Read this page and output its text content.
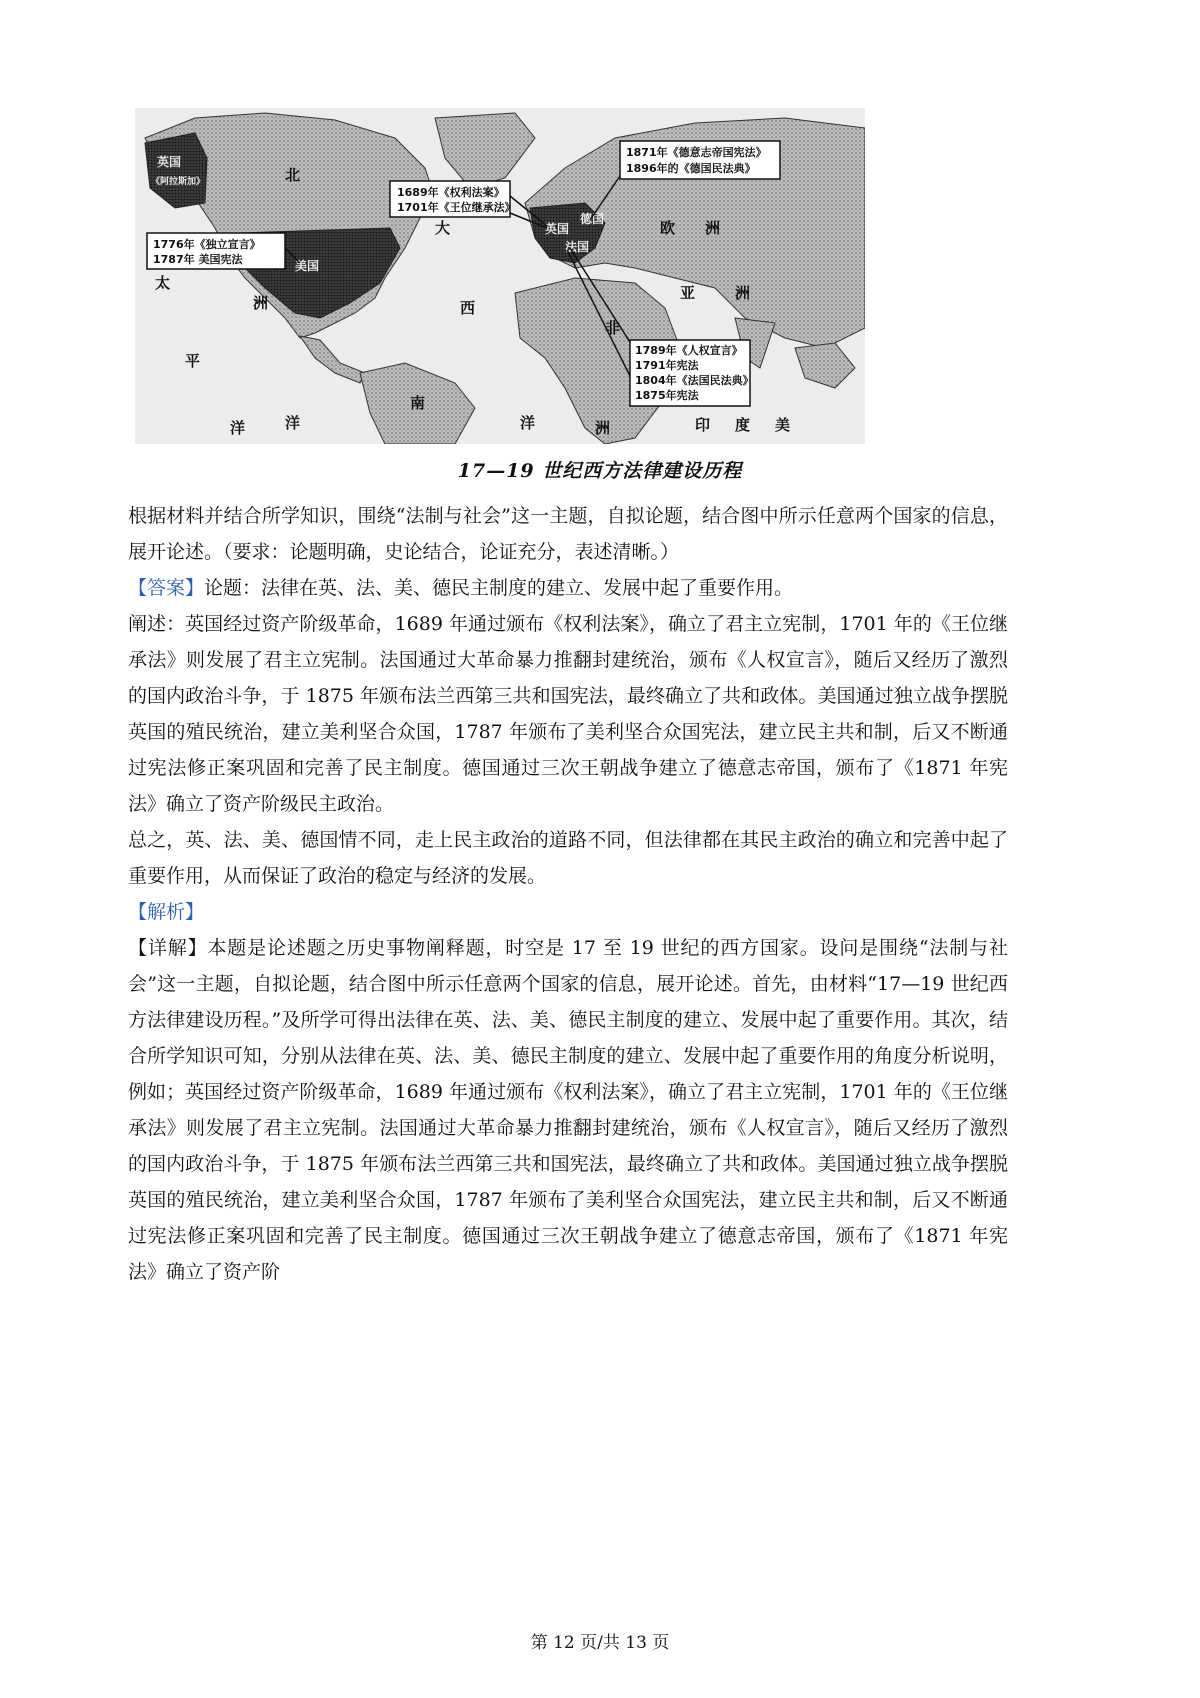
北
大
西
太
洲
平
洋
南
欧 洲
亚	洲
非
洲
洋	洋	印 度 美
英国
法国
德国
美国
英国
《阿拉斯加》
1689年《权利法案》
1701年《王位继承法》
1776年《独立宣言》
1787年 美国宪法
1871年《德意志帝国宪法》
1896年的《德国民法典》
1789年《人权宣言》
1791年宪法
1804年《法国民法典》
1875年宪法
17—19 世纪西方法律建设历程

根据材料并结合所学知识，围绕“法制与社会”这一主题，自拟论题，结合图中所示任意两个国家的信息，展开论述。（要求：论题明确，史论结合，论证充分，表述清晰。）

【答案】论题：法律在英、法、美、德民主制度的建立、发展中起了重要作用。

阐述：英国经过资产阶级革命，1689 年通过颁布《权利法案》，确立了君主立宪制，1701 年的《王位继承法》则发展了君主立宪制。法国通过大革命暴力推翻封建统治，颁布《人权宣言》，随后又经历了激烈的国内政治斗争，于 1875 年颁布法兰西第三共和国宪法，最终确立了共和政体。美国通过独立战争摆脱英国的殖民统治，建立美利坚合众国，1787 年颁布了美利坚合众国宪法，建立民主共和制，后又不断通过宪法修正案巩固和完善了民主制度。德国通过三次王朝战争建立了德意志帝国，颁布了《1871 年宪法》确立了资产阶级民主政治。

总之，英、法、美、德国情不同，走上民主政治的道路不同，但法律都在其民主政治的确立和完善中起了重要作用，从而保证了政治的稳定与经济的发展。

【解析】

【详解】本题是论述题之历史事物阐释题，时空是 17 至 19 世纪的西方国家。设问是围绕“法制与社会”这一主题，自拟论题，结合图中所示任意两个国家的信息，展开论述。首先，由材料“17—19 世纪西方法律建设历程。”及所学可得出法律在英、法、美、德民主制度的建立、发展中起了重要作用。其次，结合所学知识可知，分别从法律在英、法、美、德民主制度的建立、发展中起了重要作用的角度分析说明，例如；英国经过资产阶级革命，1689 年通过颁布《权利法案》，确立了君主立宪制，1701 年的《王位继承法》则发展了君主立宪制。法国通过大革命暴力推翻封建统治，颁布《人权宣言》，随后又经历了激烈的国内政治斗争，于 1875 年颁布法兰西第三共和国宪法，最终确立了共和政体。美国通过独立战争摆脱英国的殖民统治，建立美利坚合众国，1787 年颁布了美利坚合众国宪法，建立民主共和制，后又不断通过宪法修正案巩固和完善了民主制度。德国通过三次王朝战争建立了德意志帝国，颁布了《1871 年宪法》确立了资产阶

第 12 页/共 13 页
